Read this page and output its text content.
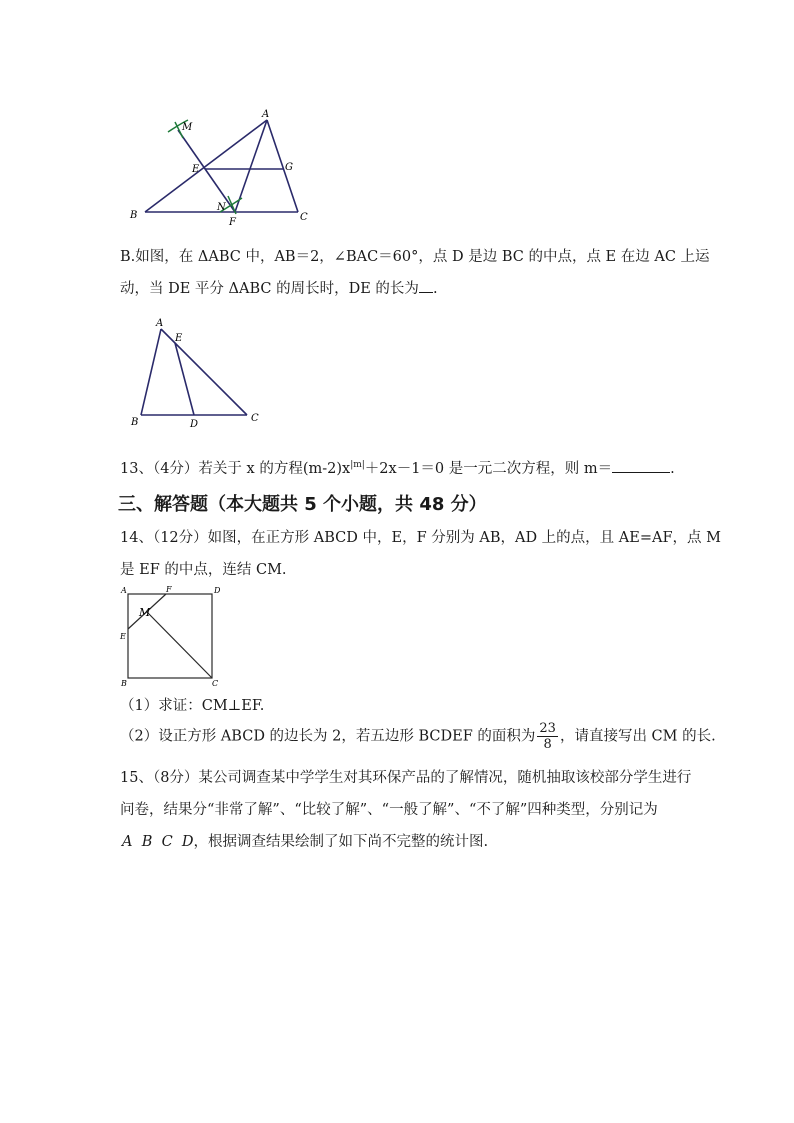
A
M
E	G
N
B
F	C
B.如图，在 ΔABC 中，AB＝2，∠BAC＝60°，点 D 是边 BC 的中点，点 E 在边 AC 上运
动，当 DE 平分 ΔABC 的周长时，DE 的长为 .
A
E
B	D
C
13、（4分）若关于 x 的方程$(m-2)x^{|m|}+2x-1=0$ 是一元二次方程，则 m＝	.
三、解答题（本大题共 5 个小题，共 48 分）
14、（12分）如图，在正方形 ABCD 中，E，F 分别为 AB，AD 上的点，且 AE=AF，点 M
是 EF 的中点，连结 CM.
A	F	D
M
E
B	C
（1）求证：CM⊥EF.
（2）设正方形 ABCD 的边长为 2，若五边形 BCDEF 的面积为 $\frac{23}{8}$ ，请直接写出 CM 的长.
15、（8分）某公司调查某中学学生对其环保产品的了解情况，随机抽取该校部分学生进行
问卷，结果分“非常了解”、“比较了解”、“一般了解”、“不了解”四种类型，分别记为
A  B  C  D，根据调查结果绘制了如下尚不完整的统计图.
